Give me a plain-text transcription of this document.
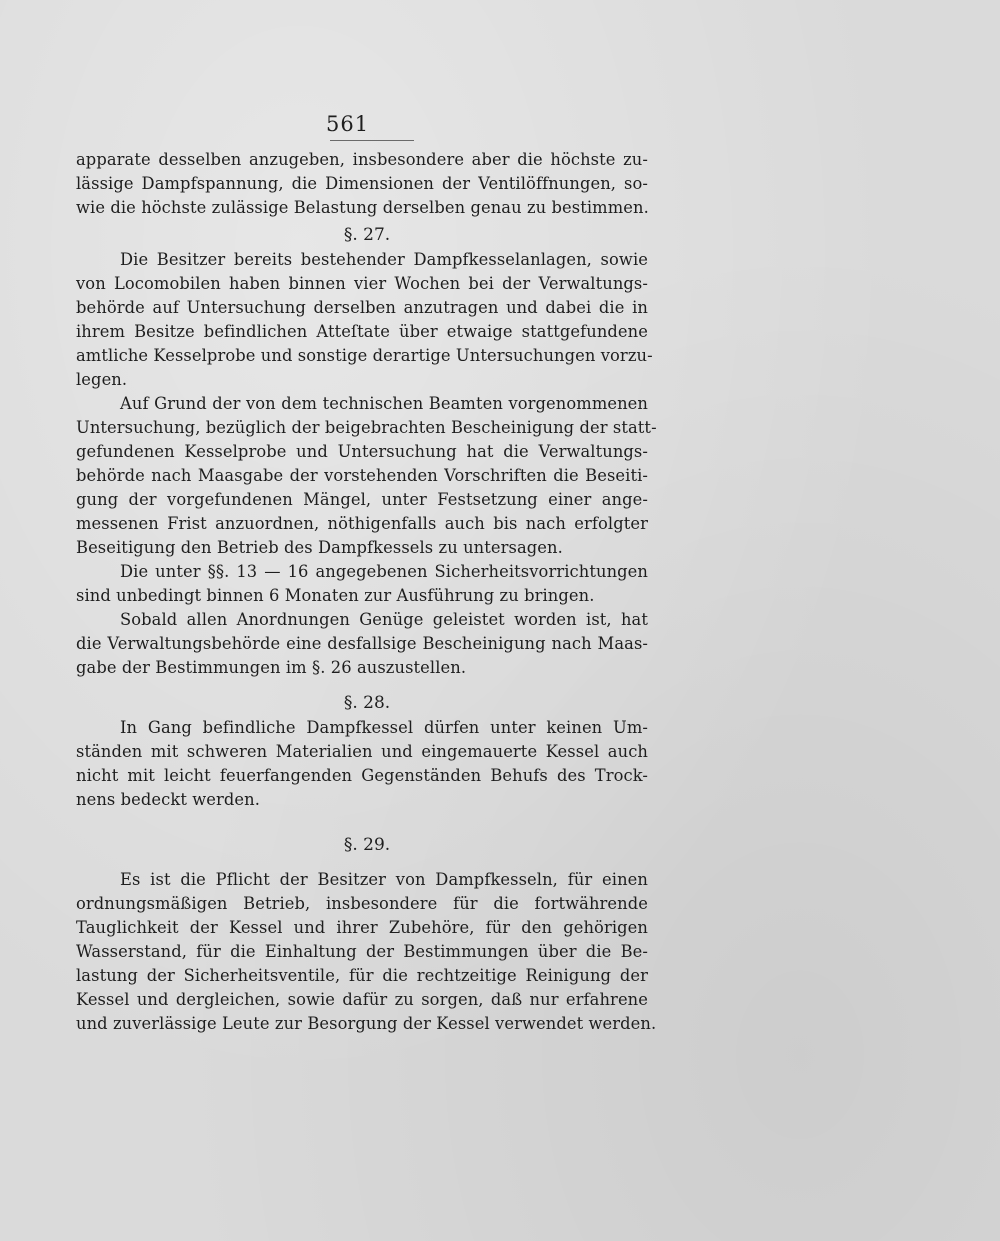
561
apparate desselben anzugeben, insbesondere aber die höchste zu-
lässige Dampfspannung, die Dimensionen der Ventilöffnungen, so-
wie die höchste zulässige Belastung derselben genau zu bestimmen.
§. 27.
Die Besitzer bereits bestehender Dampfkesselanlagen, sowie
von Locomobilen haben binnen vier Wochen bei der Verwaltungs-
behörde auf Untersuchung derselben anzutragen und dabei die in
ihrem Besitze befindlichen Atteſtate über etwaige stattgefundene
amtliche Kesselprobe und sonstige derartige Untersuchungen vorzu-
legen.
Auf Grund der von dem technischen Beamten vorgenommenen
Untersuchung, bezüglich der beigebrachten Bescheinigung der statt-
gefundenen Kesselprobe und Untersuchung hat die Verwaltungs-
behörde nach Maasgabe der vorstehenden Vorschriften die Beseiti-
gung der vorgefundenen Mängel, unter Festsetzung einer ange-
messenen Frist anzuordnen, nöthigenfalls auch bis nach erfolgter
Beseitigung den Betrieb des Dampfkessels zu untersagen.
Die unter §§. 13 — 16 angegebenen Sicherheitsvorrichtungen
sind unbedingt binnen 6 Monaten zur Ausführung zu bringen.
Sobald allen Anordnungen Genüge geleistet worden ist, hat
die Verwaltungsbehörde eine desfallsige Bescheinigung nach Maas-
gabe der Bestimmungen im §. 26 auszustellen.
§. 28.
In Gang befindliche Dampfkessel dürfen unter keinen Um-
ständen mit schweren Materialien und eingemauerte Kessel auch
nicht mit leicht feuerfangenden Gegenständen Behufs des Trock-
nens bedeckt werden.
§. 29.
Es ist die Pflicht der Besitzer von Dampfkesseln, für einen
ordnungsmäßigen Betrieb, insbesondere für die fortwährende
Tauglichkeit der Kessel und ihrer Zubehöre, für den gehörigen
Wasserstand, für die Einhaltung der Bestimmungen über die Be-
lastung der Sicherheitsventile, für die rechtzeitige Reinigung der
Kessel und dergleichen, sowie dafür zu sorgen, daß nur erfahrene
und zuverlässige Leute zur Besorgung der Kessel verwendet werden.
